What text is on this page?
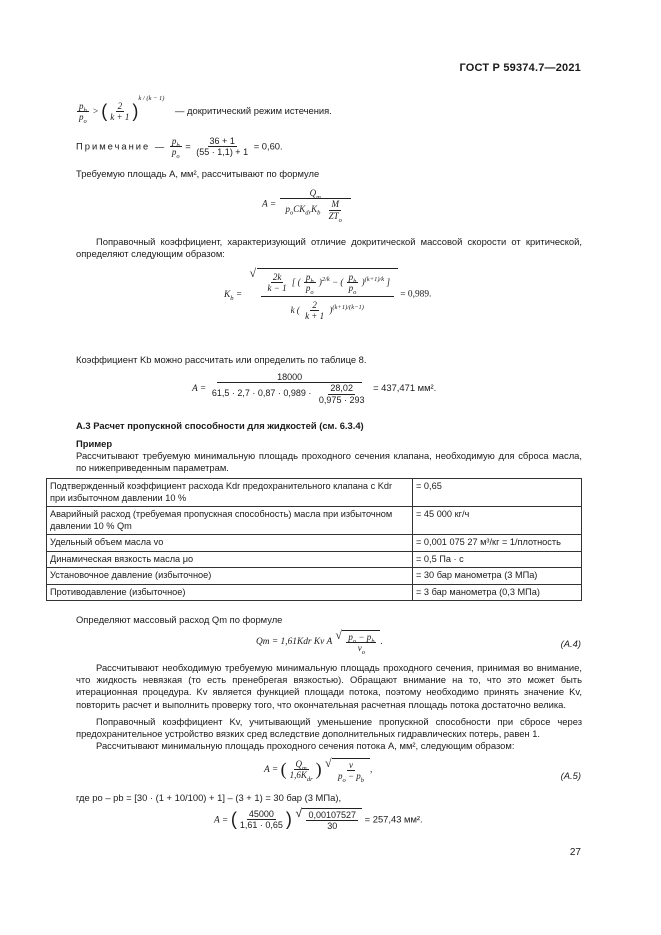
ГОСТ Р 59374.7—2021
$\frac{p_b}{p_o}$ > ( $\frac{2}{k + 1} )^{k / (k - 1)}$ — докритический режим истечения.
Примечание — $\frac{p_b}{p_o} = \frac{36 + 1}{(55 \cdot 1,1) + 1} = 0,60$.
Требуемую площадь A, мм², рассчитывают по формуле
A =
$Q_m$
$p_oCK_{dr}K_b$
M
$ZT_o$
Поправочный коэффициент, характеризующий отличие докритической массовой скорости от критической, определяют следующим образом:
$K_b$ =
√ $\frac{2k}{k - 1}$ [ ( $\frac{p_b}{p_o} )^{2/k}$ − ( $\frac{p_b}{p_o} )^{(k+1)/k}$ ]
k ( $\frac{2}{k + 1} )^{(k+1)/(k-1)}$
= 0,989.
Коэффициент Kb можно рассчитать или определить по таблице 8.
$A = \frac{18000}{61,5 \cdot 2,7 \cdot 0,87 \cdot 0,989 \cdot \frac{28,02}{0,975 \cdot 293}} = 437,471$ мм².
А.3 Расчет пропускной способности для жидкостей (см. 6.3.4)
Пример
Рассчитывают требуемую минимальную площадь проходного сечения клапана, необходимую для сброса масла, по нижеприведенным параметрам.
Подтвержденный коэффициент расхода Kdr предохранительного клапана с Kdr при избыточном давлении 10 %	= 0,65
Аварийный расход (требуемая пропускная способность) масла при избыточном давлении 10 % Qm	= 45 000 кг/ч
Удельный объем масла vo	= 0,001 075 27 м³/кг = 1/плотность
Динамическая вязкость масла μo	= 0,5 Па · с
Установочное давление (избыточное)	= 30 бар манометра (3 МПа)
Противодавление (избыточное)	= 3 бар манометра (0,3 МПа)
Определяют массовый расход Qm по формуле
Qm = 1,61Kdr Kv A √ $\frac{p_o - p_b}{v_o}$ .	(А.4)
Рассчитывают необходимую требуемую минимальную площадь проходного сечения, принимая во внимание, что жидкость невязкая (то есть пренебрегая вязкостью). Обращают внимание на то, что это может быть итерационная процедура. Kv является функцией площади потока, поэтому необходимо принять значение Kv, повторить расчет и выполнить проверку того, что окончательная расчетная площадь потока достаточно велика.
Поправочный коэффициент Kv, учитывающий уменьшение пропускной способности при сбросе через предохранительное устройство вязких сред вследствие дополнительных гидравлических потерь, равен 1.
Рассчитывают минимальную площадь проходного сечения потока А, мм², следующим образом:
A = ( $Q_m$
$1,6K_{dr}$
) √ $\frac{v}{p_o - p_b}$ ,	(А.5)
где po – pb = [30 · (1 + 10/100) + 1] – (3 + 1) = 30 бар (3 МПа),
A = ( $\frac{45000}{1,61 \cdot 0,65}$ ) √ $\frac{0,00107527}{30} = 257,43$ мм².
27
